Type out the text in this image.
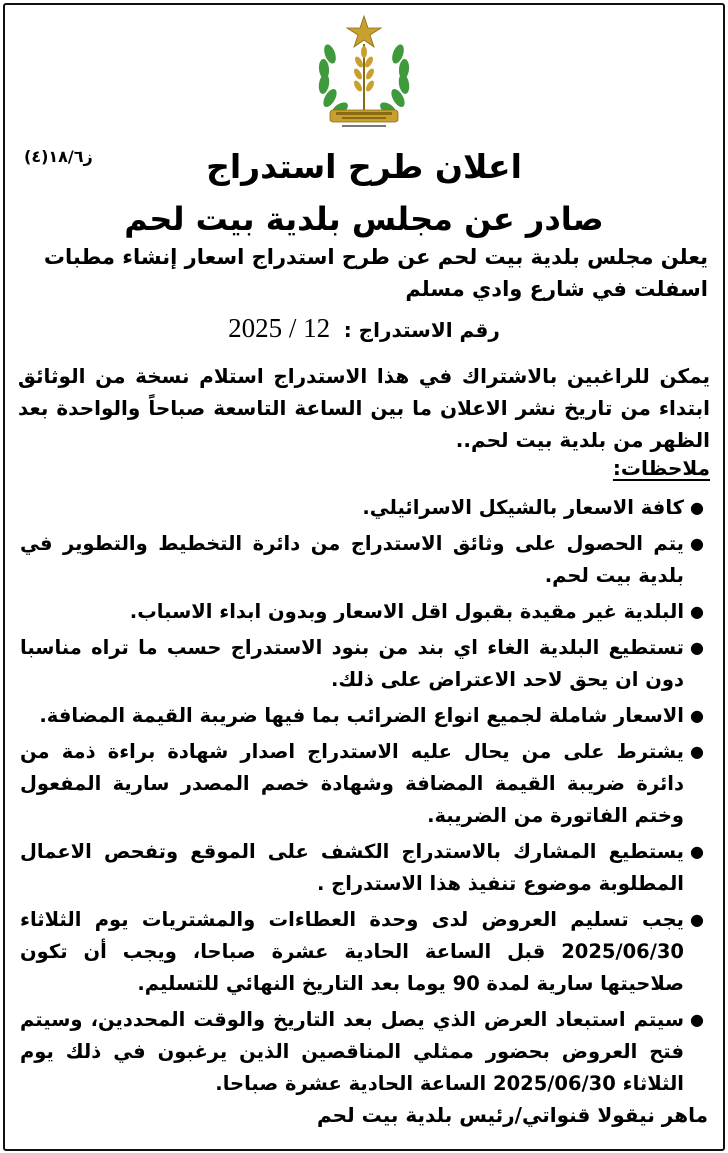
ز١٨/٦(٤)	اعلان طرح استدراج
صادر عن مجلس بلدية بيت لحم
يعلن مجلس بلدية بيت لحم عن طرح استدراج اسعار إنشاء مطبات اسفلت في شارع وادي مسلم
رقم الاستدراج : 2025 / 12
يمكن للراغبين بالاشتراك في هذا الاستدراج استلام نسخة من الوثائق ابتداء من تاريخ نشر الاعلان ما بين الساعة التاسعة صباحاً والواحدة بعد الظهر من بلدية بيت لحم..
ملاحظات:
●
كافة الاسعار بالشيكل الاسرائيلي.
●
يتم الحصول على وثائق الاستدراج من دائرة التخطيط والتطوير في بلدية بيت لحم.
●
البلدية غير مقيدة بقبول اقل الاسعار وبدون ابداء الاسباب.
●
تستطيع البلدية الغاء اي بند من بنود الاستدراج حسب ما تراه مناسبا دون ان يحق لاحد الاعتراض على ذلك.
●
الاسعار شاملة لجميع انواع الضرائب بما فيها ضريبة القيمة المضافة.
●
يشترط على من يحال عليه الاستدراج اصدار شهادة براءة ذمة من دائرة ضريبة القيمة المضافة وشهادة خصم المصدر سارية المفعول وختم الفاتورة من الضريبة.
●
يستطيع المشارك بالاستدراج الكشف على الموقع وتفحص الاعمال المطلوبة موضوع تنفيذ هذا الاستدراج .
●
يجب تسليم العروض لدى وحدة العطاءات والمشتريات يوم الثلاثاء 2025/06/30 قبل الساعة الحادية عشرة صباحا، ويجب أن تكون صلاحيتها سارية لمدة 90 يوما بعد التاريخ النهائي للتسليم.
●
سيتم استبعاد العرض الذي يصل بعد التاريخ والوقت المحددين، وسيتم فتح العروض بحضور ممثلي المناقصين الذين يرغبون في ذلك يوم الثلاثاء 2025/06/30 الساعة الحادية عشرة صباحا.
ماهر نيقولا قنواتي/رئيس بلدية بيت لحم
